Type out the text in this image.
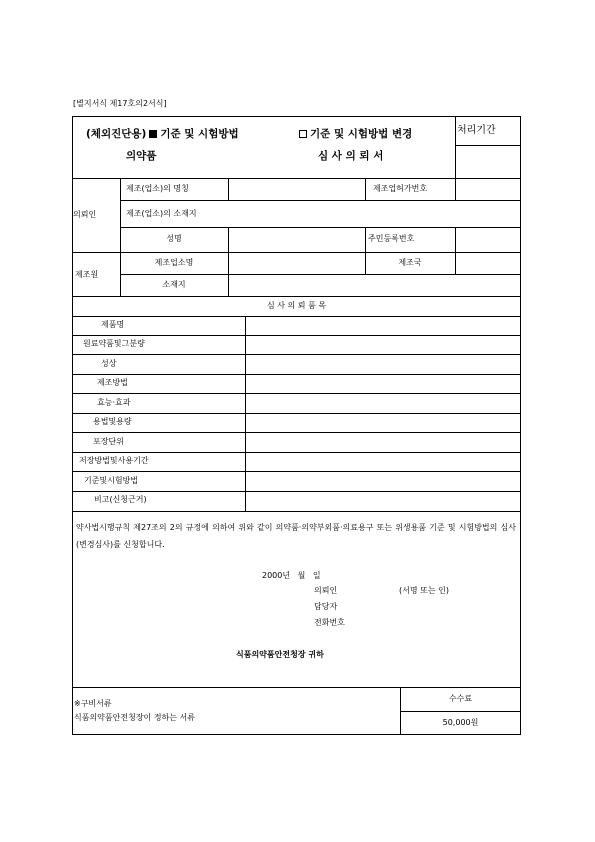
[별지서식 제17호의2서식]
(체외진단용) 기준 및 시험방법	기준 및 시험방법 변경
의약품	심 사 의 뢰 서
처리기간
의뢰인
제조(업소)의 명칭	제조업허가번호
제조(업소)의 소재지
성명	주민등록번호
제조원
제조업소명	제조국
소재지
심 사 의 뢰 품 목
제품명
원료약품및그분량
성상
제조방법
효능·효과
용법및용량
포장단위
저장방법및사용기간
기준및시험방법
비고(신청근거)
약사법시행규칙 제27조의 2의 규정에 의하여 위와 같이 의약품·의약부외품·의료용구 또는 위생용품 기준 및 시험방법의 심사(변경심사)를 신청합니다.
2000년 월 일
의뢰인	(서명 또는 인)
담당자
전화번호
식품의약품안전청장 귀하
※구비서류
식품의약품안전청장이 정하는 서류
수수료
50,000원
